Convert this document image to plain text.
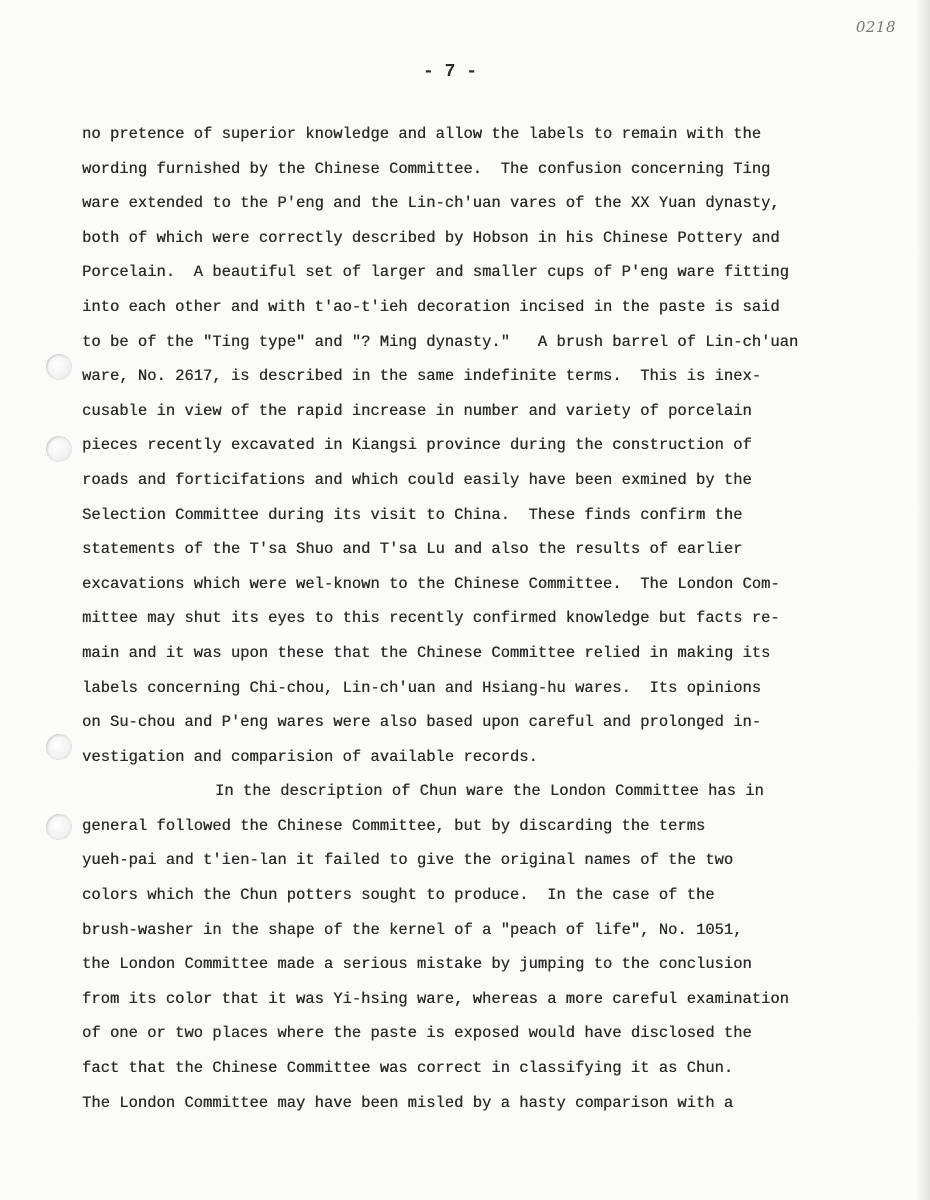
0218
- 7 -
no pretence of superior knowledge and allow the labels to remain with the
wording furnished by the Chinese Committee.  The confusion concerning Ting
ware extended to the P′eng and the Lin-ch′uan vares of the XX Yuan dynasty,
both of which were correctly described by Hobson in his Chinese Pottery and
Porcelain.  A beautiful set of larger and smaller cups of P′eng ware fitting
into each other and with t′ao-t′ieh decoration incised in the paste is said
to be of the "Ting type" and "? Ming dynasty."   A brush barrel of Lin-ch′uan
ware, No. 2617, is described in the same indefinite terms.  This is inex-
cusable in view of the rapid increase in number and variety of porcelain
pieces recently excavated in Kiangsi province during the construction of
roads and forticifations and which could easily have been exmined by the
Selection Committee during its visit to China.  These finds confirm the
statements of the T′sa Shuo and T′sa Lu and also the results of earlier
excavations which were wel-known to the Chinese Committee.  The London Com-
mittee may shut its eyes to this recently confirmed knowledge but facts re-
main and it was upon these that the Chinese Committee relied in making its
labels concerning Chi-chou, Lin-ch′uan and Hsiang-hu wares.  Its opinions
on Su-chou and P′eng wares were also based upon careful and prolonged in-
vestigation and comparision of available records.
In the description of Chun ware the London Committee has in
general followed the Chinese Committee, but by discarding the terms
yueh-pai and t′ien-lan it failed to give the original names of the two
colors which the Chun potters sought to produce.  In the case of the
brush-washer in the shape of the kernel of a "peach of life", No. 1051,
the London Committee made a serious mistake by jumping to the conclusion
from its color that it was Yi-hsing ware, whereas a more careful examination
of one or two places where the paste is exposed would have disclosed the
fact that the Chinese Committee was correct in classifying it as Chun.
The London Committee may have been misled by a hasty comparison with a
